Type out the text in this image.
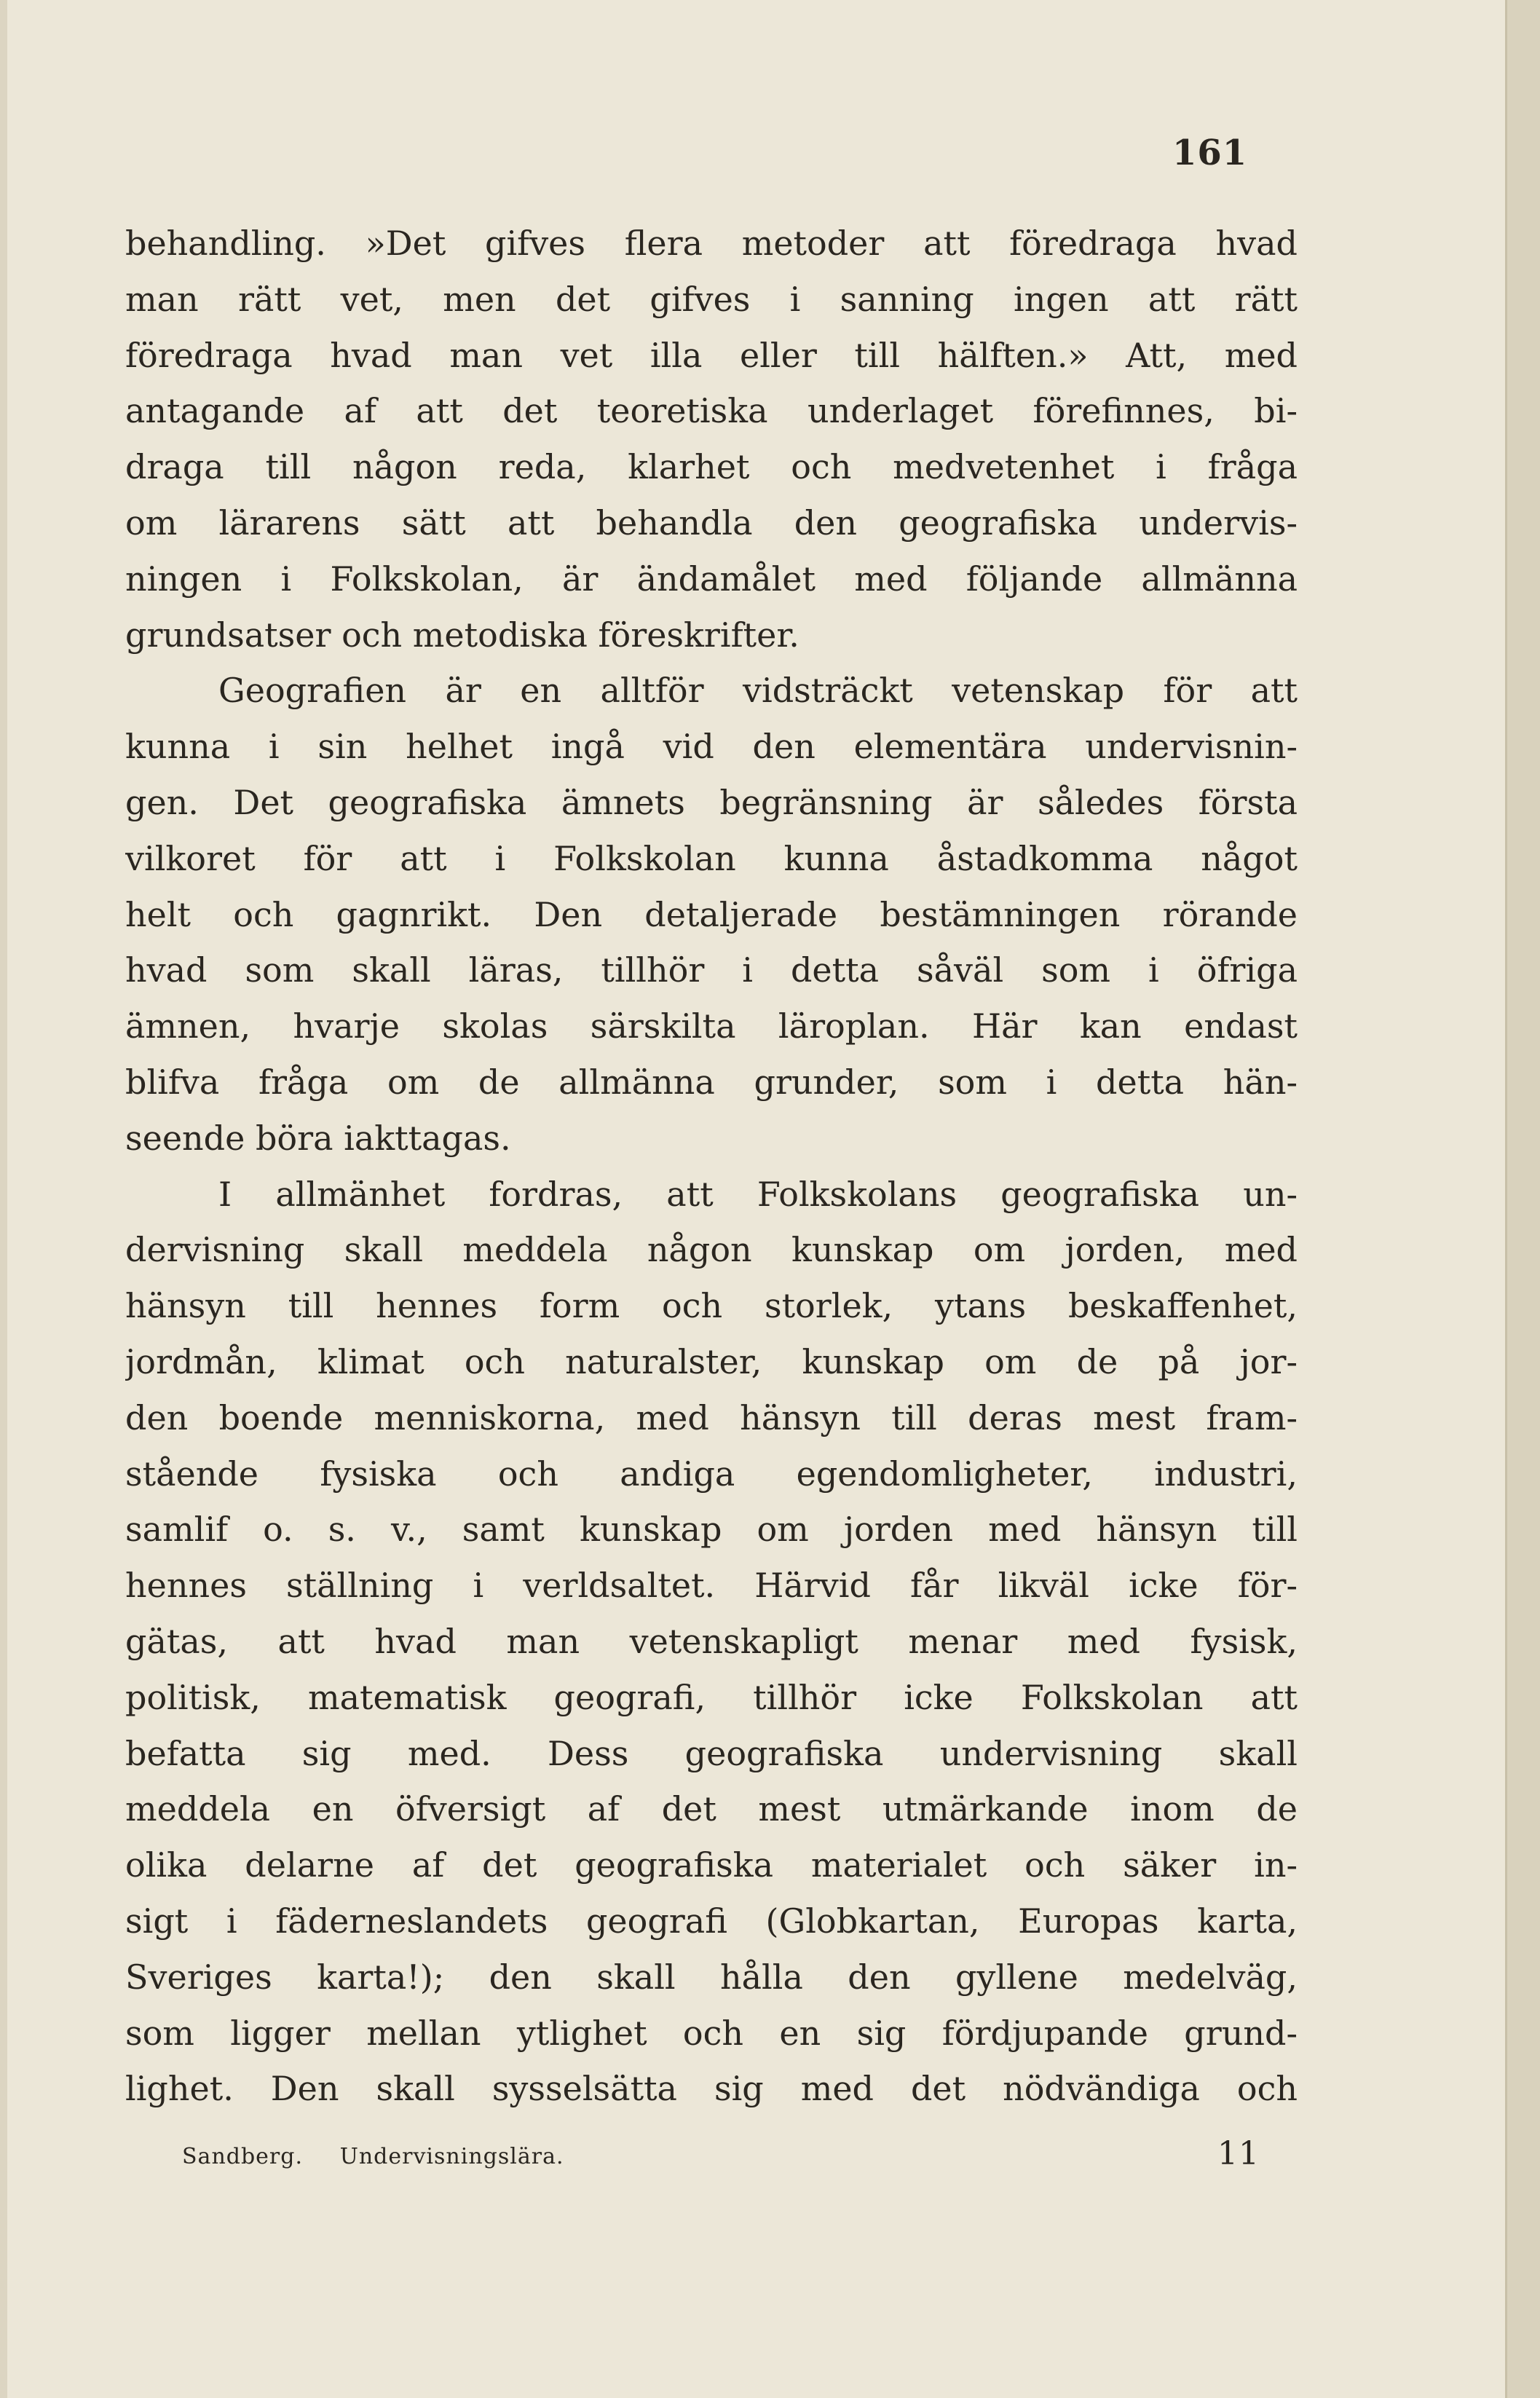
161
behandling. »Det gifves flera metoder att föredraga hvad
man rätt vet, men det gifves i sanning ingen att rätt
föredraga hvad man vet illa eller till hälften.» Att, med
antagande af att det teoretiska underlaget förefinnes, bi-
draga till någon reda, klarhet och medvetenhet i fråga
om lärarens sätt att behandla den geografiska undervis-
ningen i Folkskolan, är ändamålet med följande allmänna
grundsatser och metodiska föreskrifter.
Geografien är en alltför vidsträckt vetenskap för att
kunna i sin helhet ingå vid den elementära undervisnin-
gen. Det geografiska ämnets begränsning är således första
vilkoret för att i Folkskolan kunna åstadkomma något
helt och gagnrikt. Den detaljerade bestämningen rörande
hvad som skall läras, tillhör i detta såväl som i öfriga
ämnen, hvarje skolas särskilta läroplan. Här kan endast
blifva fråga om de allmänna grunder, som i detta hän-
seende böra iakttagas.
I allmänhet fordras, att Folkskolans geografiska un-
dervisning skall meddela någon kunskap om jorden, med
hänsyn till hennes form och storlek, ytans beskaffenhet,
jordmån, klimat och naturalster, kunskap om de på jor-
den boende menniskorna, med hänsyn till deras mest fram-
stående fysiska och andiga egendomligheter, industri,
samlif o. s. v., samt kunskap om jorden med hänsyn till
hennes ställning i verldsaltet. Härvid får likväl icke för-
gätas, att hvad man vetenskapligt menar med fysisk,
politisk, matematisk geografi, tillhör icke Folkskolan att
befatta sig med. Dess geografiska undervisning skall
meddela en öfversigt af det mest utmärkande inom de
olika delarne af det geografiska materialet och säker in-
sigt i fäderneslandets geografi (Globkartan, Europas karta,
Sveriges karta!); den skall hålla den gyllene medelväg,
som ligger mellan ytlighet och en sig fördjupande grund-
lighet. Den skall sysselsätta sig med det nödvändiga och
Sandberg. Undervisningslära.	11
